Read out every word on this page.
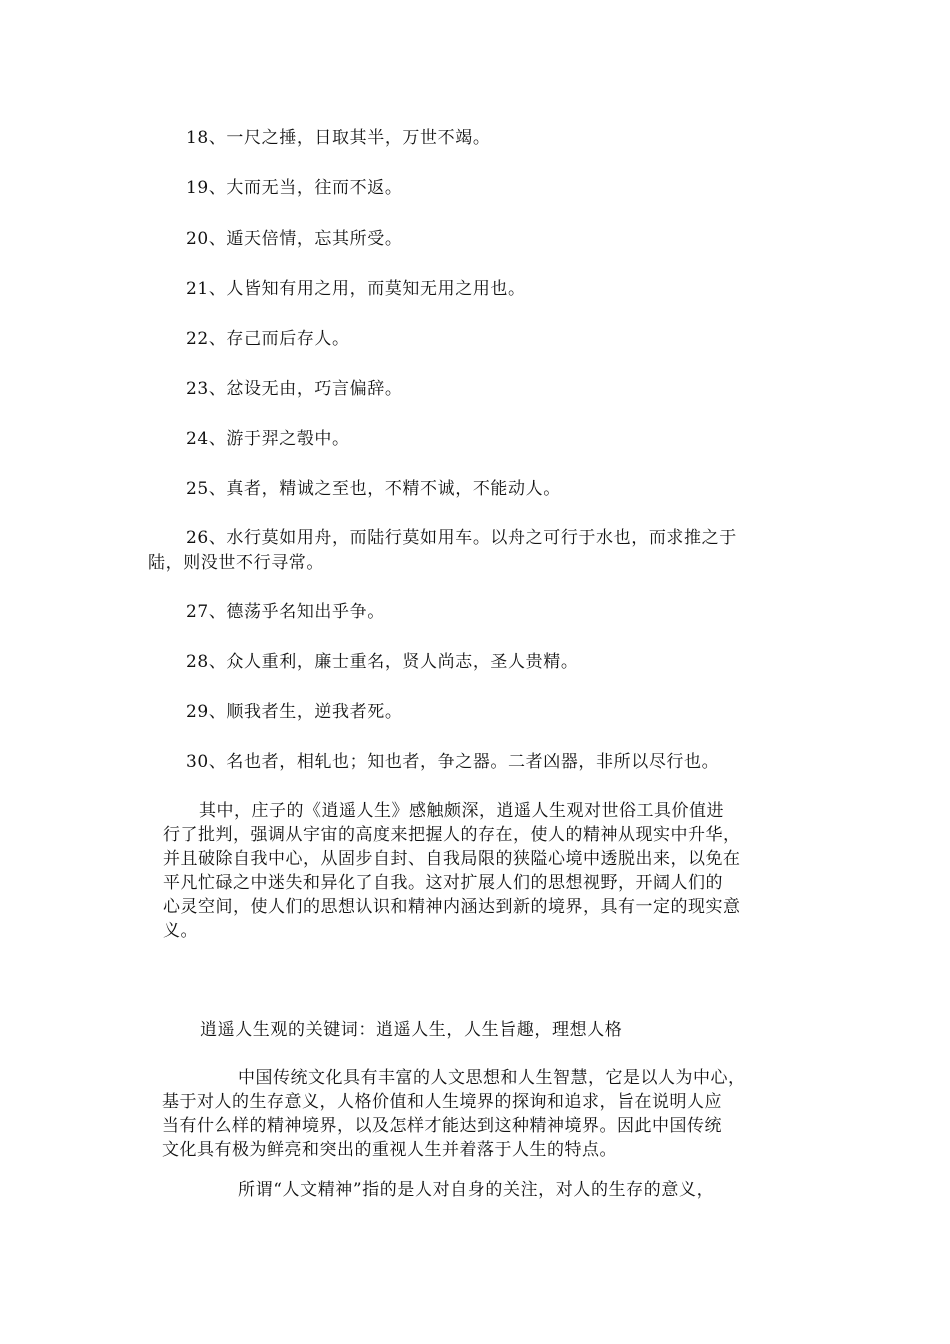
18、一尺之捶，日取其半，万世不竭。
19、大而无当，往而不返。
20、遁天倍情，忘其所受。
21、人皆知有用之用，而莫知无用之用也。
22、存己而后存人。
23、忿设无由，巧言偏辞。
24、游于羿之彀中。
25、真者，精诚之至也，不精不诚，不能动人。
26、水行莫如用舟，而陆行莫如用车。以舟之可行于水也，而求推之于
陆，则没世不行寻常。
27、德荡乎名知出乎争。
28、众人重利，廉士重名，贤人尚志，圣人贵精。
29、顺我者生，逆我者死。
30、名也者，相轧也；知也者，争之器。二者凶器，非所以尽行也。
其中，庄子的《逍遥人生》感触颇深，逍遥人生观对世俗工具价值进
行了批判，强调从宇宙的高度来把握人的存在，使人的精神从现实中升华，
并且破除自我中心，从固步自封、自我局限的狭隘心境中透脱出来，以免在
平凡忙碌之中迷失和异化了自我。这对扩展人们的思想视野，开阔人们的
心灵空间，使人们的思想认识和精神内涵达到新的境界，具有一定的现实意
义。
逍遥人生观的关键词：逍遥人生，人生旨趣，理想人格
中国传统文化具有丰富的人文思想和人生智慧，它是以人为中心，
基于对人的生存意义，人格价值和人生境界的探询和追求，旨在说明人应
当有什么样的精神境界，以及怎样才能达到这种精神境界。因此中国传统
文化具有极为鲜亮和突出的重视人生并着落于人生的特点。
所谓“人文精神”指的是人对自身的关注，对人的生存的意义，
